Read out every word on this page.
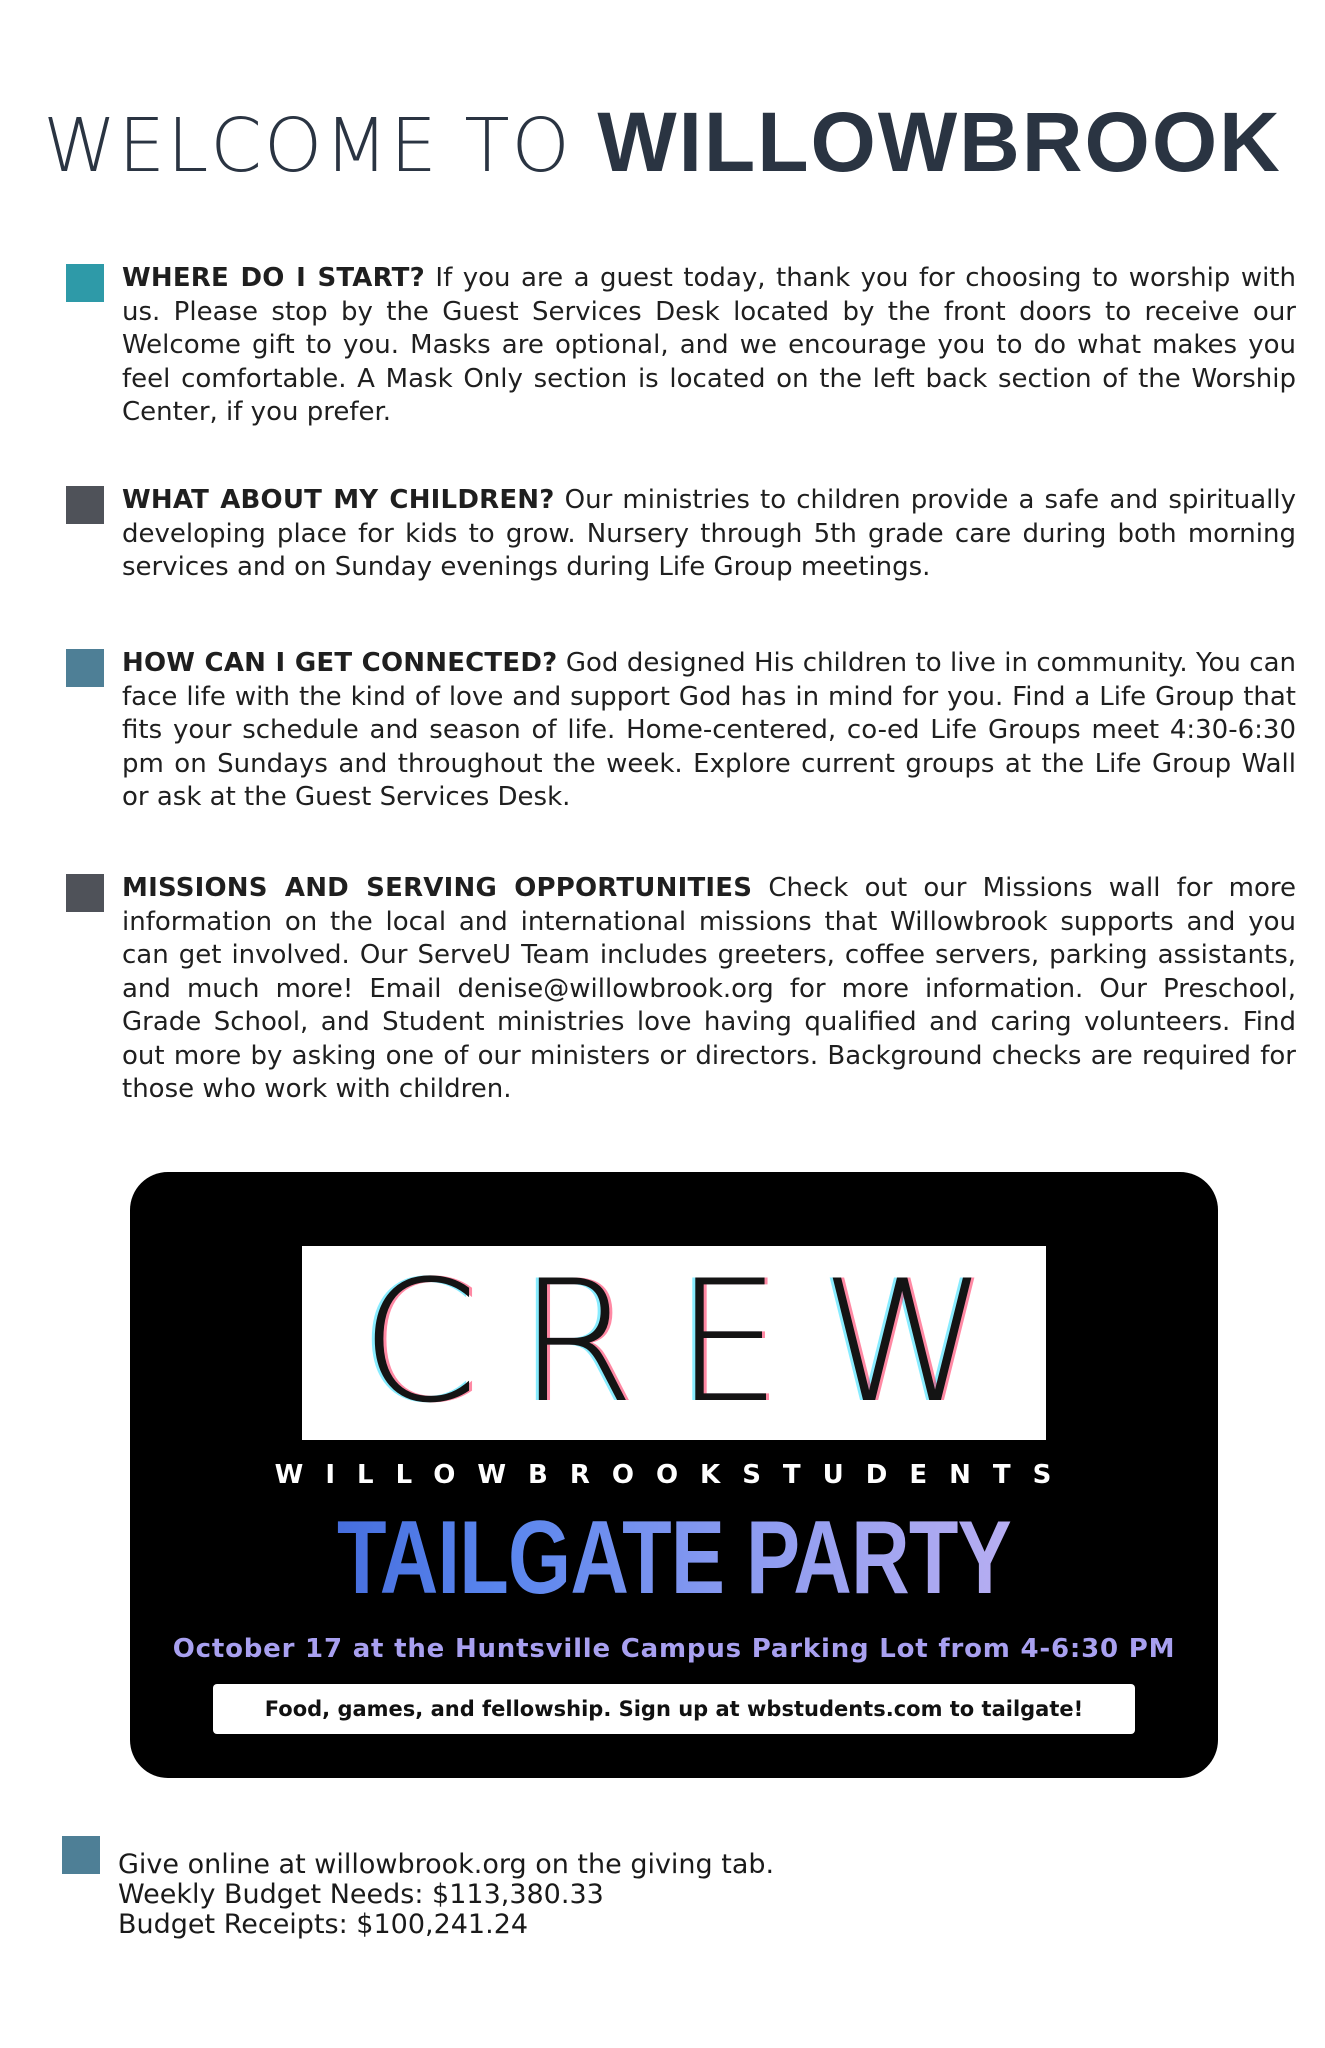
WELCOME TO WILLOWBROOK
WHERE DO I START? If you are a guest today, thank you for choosing to worship with us. Please stop by the Guest Services Desk located by the front doors to receive our Welcome gift to you. Masks are optional, and we encourage you to do what makes you feel comfortable. A Mask Only section is located on the left back section of the Worship Center, if you prefer.
WHAT ABOUT MY CHILDREN? Our ministries to children provide a safe and spiritually developing place for kids to grow. Nursery through 5th grade care during both morning services and on Sunday evenings during Life Group meetings.
HOW CAN I GET CONNECTED? God designed His children to live in community. You can face life with the kind of love and support God has in mind for you. Find a Life Group that fits your schedule and season of life. Home-centered, co-ed Life Groups meet 4:30-6:30 pm on Sundays and throughout the week. Explore current groups at the Life Group Wall or ask at the Guest Services Desk.
MISSIONS AND SERVING OPPORTUNITIES Check out our Missions wall for more information on the local and international missions that Willowbrook supports and you can get involved. Our ServeU Team includes greeters, coffee servers, parking assistants, and much more! Email denise@willowbrook.org for more information. Our Preschool, Grade School, and Student ministries love having qualified and caring volunteers. Find out more by asking one of our ministers or directors. Background checks are required for those who work with children.
CREW
WILLOWBROOKSTUDENTS
TAILGATE PARTY
October 17 at the Huntsville Campus Parking Lot from 4-6:30 PM
Food, games, and fellowship. Sign up at wbstudents.com to tailgate!
Give online at willowbrook.org on the giving tab.
Weekly Budget Needs: $113,380.33
Budget Receipts: $100,241.24
